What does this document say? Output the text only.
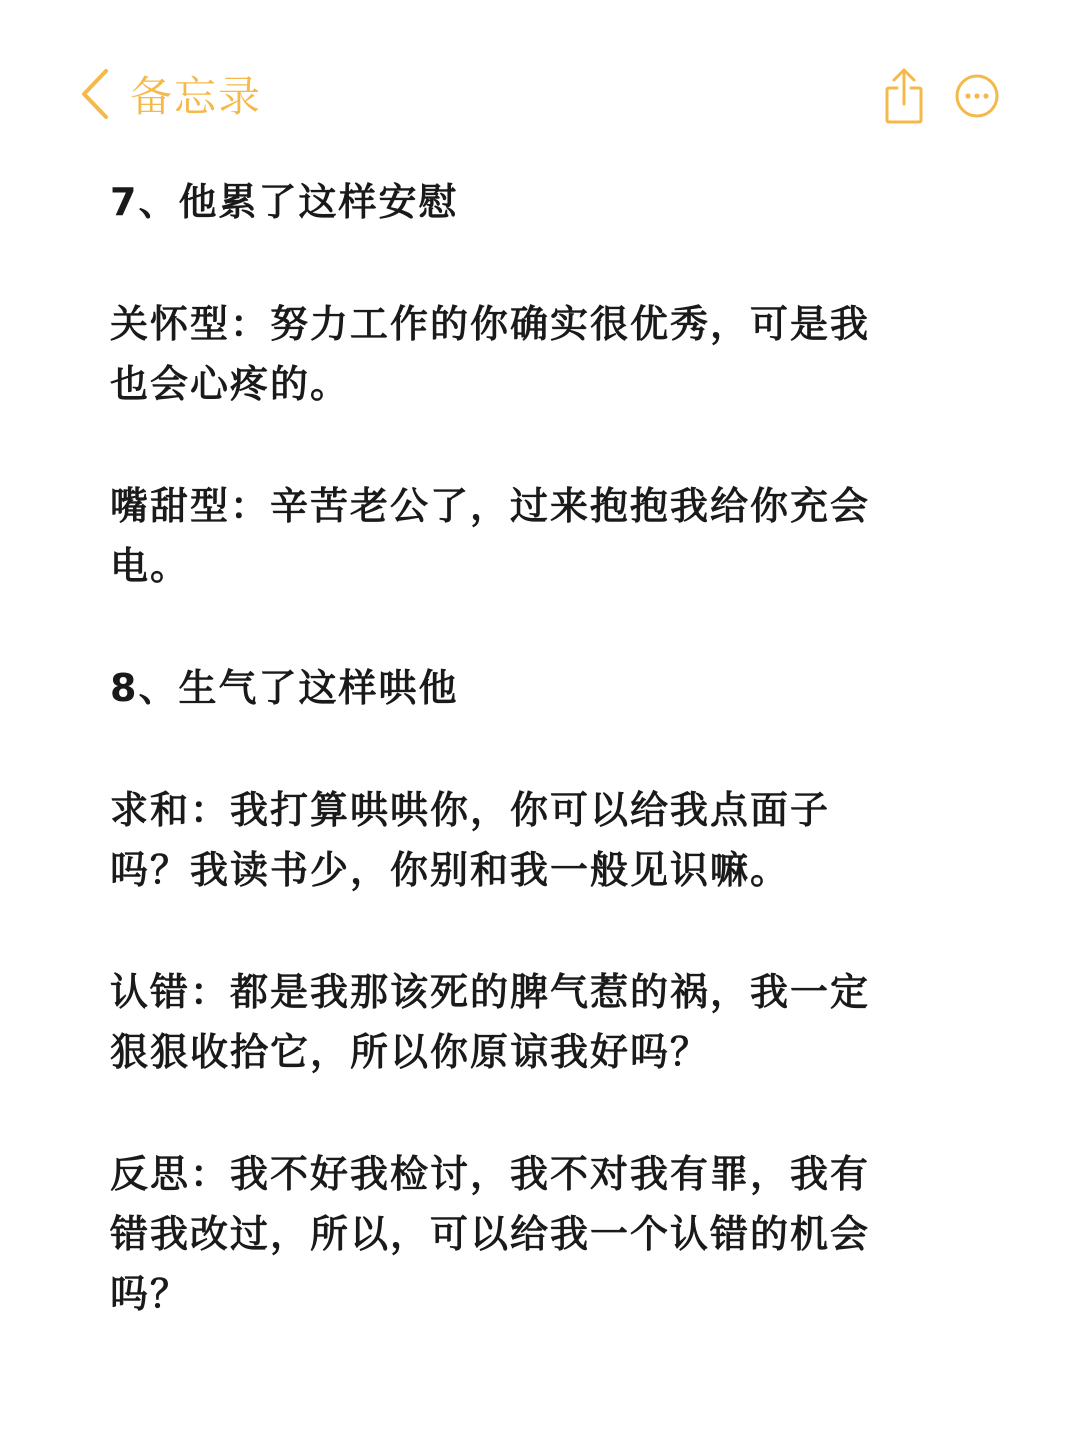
备忘录

7、他累了这样安慰

关怀型：努力工作的你确实很优秀，可是我
也会心疼的。

嘴甜型：辛苦老公了，过来抱抱我给你充会
电。

8、生气了这样哄他

求和：我打算哄哄你，你可以给我点面子
吗？我读书少，你别和我一般见识嘛。

认错：都是我那该死的脾气惹的祸，我一定
狠狠收拾它，所以你原谅我好吗？

反思：我不好我检讨，我不对我有罪，我有
错我改过，所以，可以给我一个认错的机会
吗？
